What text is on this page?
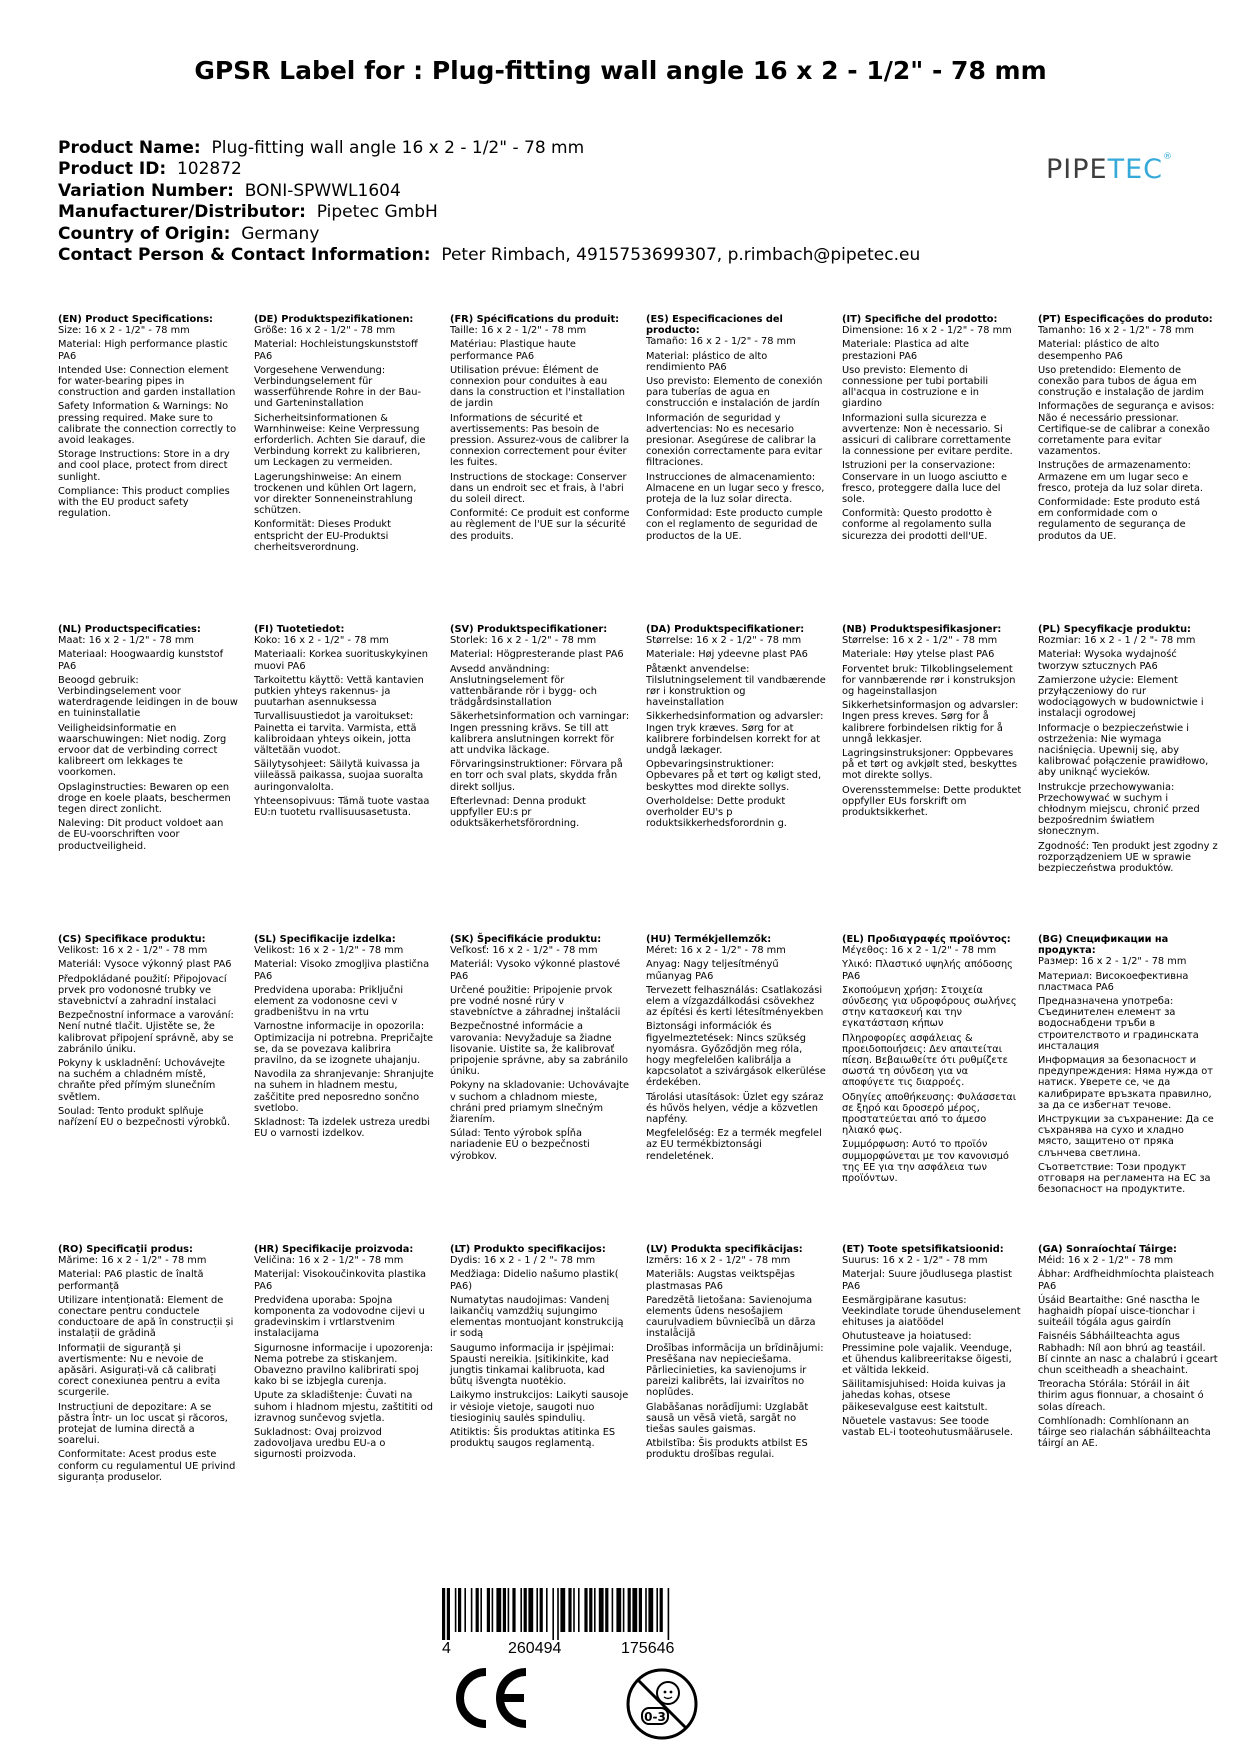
GPSR Label for : Plug-fitting wall angle 16 x 2 - 1/2" - 78 mm
Product Name: Plug-fitting wall angle 16 x 2 - 1/2" - 78 mm
Product ID: 102872
Variation Number: BONI-SPWWL1604
Manufacturer/Distributor: Pipetec GmbH
Country of Origin: Germany
Contact Person & Contact Information: Peter Rimbach, 4915753699307, p.rimbach@pipetec.eu
PIPETEC®
(EN) Product Specifications:

Size: 16 x 2 - 1/2" - 78 mm

Material: High performance plastic PA6

Intended Use: Connection element for water-bearing pipes in construction and garden installation

Safety Information & Warnings: No pressing required. Make sure to calibrate the connection correctly to avoid leakages.

Storage Instructions: Store in a dry and cool place, protect from direct sunlight.

Compliance: This product complies with the EU product safety regulation.

(DE) Produktspezifikationen:

Größe: 16 x 2 - 1/2" - 78 mm

Material: Hochleistungskunststoff PA6

Vorgesehene Verwendung: Verbindungselement für wasserführende Rohre in der Bau- und Garteninstallation

Sicherheitsinformationen & Warnhinweise: Keine Verpressung erforderlich. Achten Sie darauf, die Verbindung korrekt zu kalibrieren, um Leckagen zu vermeiden.

Lagerungshinweise: An einem trockenen und kühlen Ort lagern, vor direkter Sonneneinstrahlung schützen.

Konformität: Dieses Produkt entspricht der EU-Produktsi cherheitsverordnung.

(FR) Spécifications du produit:

Taille: 16 x 2 - 1/2" - 78 mm

Matériau: Plastique haute performance PA6

Utilisation prévue: Élément de connexion pour conduites à eau dans la construction et l'installation de jardin

Informations de sécurité et avertissements: Pas besoin de pression. Assurez-vous de calibrer la connexion correctement pour éviter les fuites.

Instructions de stockage: Conserver dans un endroit sec et frais, à l'abri du soleil direct.

Conformité: Ce produit est conforme au règlement de l'UE sur la sécurité des produits.

(ES) Especificaciones del producto:

Tamaño: 16 x 2 - 1/2" - 78 mm

Material: plástico de alto rendimiento PA6

Uso previsto: Elemento de conexión para tuberías de agua en construcción e instalación de jardín

Información de seguridad y advertencias: No es necesario presionar. Asegúrese de calibrar la conexión correctamente para evitar filtraciones.

Instrucciones de almacenamiento: Almacene en un lugar seco y fresco, proteja de la luz solar directa.

Conformidad: Este producto cumple con el reglamento de seguridad de productos de la UE.

(IT) Specifiche del prodotto:

Dimensione: 16 x 2 - 1/2" - 78 mm

Materiale: Plastica ad alte prestazioni PA6

Uso previsto: Elemento di connessione per tubi portabili all'acqua in costruzione e in giardino

Informazioni sulla sicurezza e avvertenze: Non è necessario. Si assicuri di calibrare correttamente la connessione per evitare perdite.

Istruzioni per la conservazione: Conservare in un luogo asciutto e fresco, proteggere dalla luce del sole.

Conformità: Questo prodotto è conforme al regolamento sulla sicurezza dei prodotti dell'UE.

(PT) Especificações do produto:

Tamanho: 16 x 2 - 1/2" - 78 mm

Material: plástico de alto desempenho PA6

Uso pretendido: Elemento de conexão para tubos de água em construção e instalação de jardim

Informações de segurança e avisos: Não é necessário pressionar. Certifique-se de calibrar a conexão corretamente para evitar vazamentos.

Instruções de armazenamento: Armazene em um lugar seco e fresco, proteja da luz solar direta.

Conformidade: Este produto está em conformidade com o regulamento de segurança de produtos da UE.

(NL) Productspecificaties:

Maat: 16 x 2 - 1/2" - 78 mm

Materiaal: Hoogwaardig kunststof PA6

Beoogd gebruik: Verbindingselement voor waterdragende leidingen in de bouw en tuininstallatie

Veiligheidsinformatie en waarschuwingen: Niet nodig. Zorg ervoor dat de verbinding correct kalibreert om lekkages te voorkomen.

Opslaginstructies: Bewaren op een droge en koele plaats, beschermen tegen direct zonlicht.

Naleving: Dit product voldoet aan de EU-voorschriften voor productveiligheid.

(FI) Tuotetiedot:

Koko: 16 x 2 - 1/2" - 78 mm

Materiaali: Korkea suorituskykyinen muovi PA6

Tarkoitettu käyttö: Vettä kantavien putkien yhteys rakennus- ja puutarhan asennuksessa

Turvallisuustiedot ja varoitukset: Painetta ei tarvita. Varmista, että kalibroidaan yhteys oikein, jotta vältetään vuodot.

Säilytysohjeet: Säilytä kuivassa ja viileässä paikassa, suojaa suoralta auringonvalolta.

Yhteensopivuus: Tämä tuote vastaa EU:n tuotetu rvallisuusasetusta.

(SV) Produktspecifikationer:

Storlek: 16 x 2 - 1/2" - 78 mm

Material: Högpresterande plast PA6

Avsedd användning: Anslutningselement för vattenbärande rör i bygg- och trädgårdsinstallation

Säkerhetsinformation och varningar: Ingen pressning krävs. Se till att kalibrera anslutningen korrekt för att undvika läckage.

Förvaringsinstruktioner: Förvara på en torr och sval plats, skydda från direkt solljus.

Efterlevnad: Denna produkt uppfyller EU:s pr oduktsäkerhetsförordning.

(DA) Produktspecifikationer:

Størrelse: 16 x 2 - 1/2" - 78 mm

Materiale: Høj ydeevne plast PA6

Påtænkt anvendelse: Tilslutningselement til vandbærende rør i konstruktion og haveinstallation

Sikkerhedsinformation og advarsler: Ingen tryk kræves. Sørg for at kalibrere forbindelsen korrekt for at undgå lækager.

Opbevaringsinstruktioner: Opbevares på et tørt og køligt sted, beskyttes mod direkte sollys.

Overholdelse: Dette produkt overholder EU's p roduktsikkerhedsforordnin g.

(NB) Produktspesifikasjoner:

Størrelse: 16 x 2 - 1/2" - 78 mm

Materiale: Høy ytelse plast PA6

Forventet bruk: Tilkoblingselement for vannbærende rør i konstruksjon og hageinstallasjon

Sikkerhetsinformasjon og advarsler: Ingen press kreves. Sørg for å kalibrere forbindelsen riktig for å unngå lekkasjer.

Lagringsinstruksjoner: Oppbevares på et tørt og avkjølt sted, beskyttes mot direkte sollys.

Overensstemmelse: Dette produktet oppfyller EUs forskrift om produktsikkerhet.

(PL) Specyfikacje produktu:

Rozmiar: 16 x 2 - 1 / 2 "- 78 mm

Materiał: Wysoka wydajność tworzyw sztucznych PA6

Zamierzone użycie: Element przyłączeniowy do rur wodociągowych w budownictwie i instalacji ogrodowej

Informacje o bezpieczeństwie i ostrzeżenia: Nie wymaga naciśnięcia. Upewnij się, aby kalibrować połączenie prawidłowo, aby uniknąć wycieków.

Instrukcje przechowywania: Przechowywać w suchym i chłodnym miejscu, chronić przed bezpośrednim światłem słonecznym.

Zgodność: Ten produkt jest zgodny z rozporządzeniem UE w sprawie bezpieczeństwa produktów.

(CS) Specifikace produktu:

Velikost: 16 x 2 - 1/2" - 78 mm

Materiál: Vysoce výkonný plast PA6

Předpokládané použití: Připojovací prvek pro vodonosné trubky ve stavebnictví a zahradní instalaci

Bezpečnostní informace a varování: Není nutné tlačit. Ujistěte se, že kalibrovat připojení správně, aby se zabránilo úniku.

Pokyny k uskladnění: Uchovávejte na suchém a chladném místě, chraňte před přímým slunečním světlem.

Soulad: Tento produkt splňuje nařízení EU o bezpečnosti výrobků.

(SL) Specifikacije izdelka:

Velikost: 16 x 2 - 1/2" - 78 mm

Material: Visoko zmogljiva plastična PA6

Predvidena uporaba: Priključni element za vodonosne cevi v gradbeništvu in na vrtu

Varnostne informacije in opozorila: Optimizacija ni potrebna. Prepričajte se, da se povezava kalibrira pravilno, da se izognete uhajanju.

Navodila za shranjevanje: Shranjujte na suhem in hladnem mestu, zaščitite pred neposredno sončno svetlobo.

Skladnost: Ta izdelek ustreza uredbi EU o varnosti izdelkov.

(SK) Špecifikácie produktu:

Veľkosť: 16 x 2 - 1/2" - 78 mm

Materiál: Vysoko výkonné plastové PA6

Určené použitie: Pripojenie prvok pre vodné nosné rúry v stavebníctve a záhradnej inštalácii

Bezpečnostné informácie a varovania: Nevyžaduje sa žiadne lisovanie. Uistite sa, že kalibrovať pripojenie správne, aby sa zabránilo úniku.

Pokyny na skladovanie: Uchovávajte v suchom a chladnom mieste, chráni pred priamym slnečným žiarením.

Súlad: Tento výrobok spĺňa nariadenie EÚ o bezpečnosti výrobkov.

(HU) Termékjellemzők:

Méret: 16 x 2 - 1/2" - 78 mm

Anyag: Nagy teljesítményű műanyag PA6

Tervezett felhasználás: Csatlakozási elem a vízgazdálkodási csövekhez az építési és kerti létesítményekben

Biztonsági információk és figyelmeztetések: Nincs szükség nyomásra. Győződjön meg róla, hogy megfelelően kalibrálja a kapcsolatot a szivárgások elkerülése érdekében.

Tárolási utasítások: Üzlet egy száraz és hűvös helyen, védje a közvetlen napfény.

Megfelelőség: Ez a termék megfelel az EU termékbiztonsági rendeletének.

(EL) Προδιαγραφές προϊόντος:

Μέγεθος: 16 x 2 - 1/2" - 78 mm

Υλικό: Πλαστικό υψηλής απόδοσης PA6

Σκοπούμενη χρήση: Στοιχεία σύνδεσης για υδροφόρους σωλήνες στην κατασκευή και την εγκατάσταση κήπων

Πληροφορίες ασφάλειας & προειδοποιήσεις: Δεν απαιτείται πίεση. Βεβαιωθείτε ότι ρυθμίζετε σωστά τη σύνδεση για να αποφύγετε τις διαρροές.

Οδηγίες αποθήκευσης: Φυλάσσεται σε ξηρό και δροσερό μέρος, προστατεύεται από το άμεσο ηλιακό φως.

Συμμόρφωση: Αυτό το προϊόν συμμορφώνεται με τον κανονισμό της ΕΕ για την ασφάλεια των προϊόντων.

(BG) Спецификации на продукта:

Размер: 16 x 2 - 1/2" - 78 mm

Материал: Високоефективна пластмаса PA6

Предназначена употреба: Съединителен елемент за водоснабдени тръби в строителството и градинската инсталация

Информация за безопасност и предупреждения: Няма нужда от натиск. Уверете се, че да калибрирате връзката правилно, за да се избегнат течове.

Инструкции за съхранение: Да се съхранява на сухо и хладно място, защитено от пряка слънчева светлина.

Съответствие: Този продукт отговаря на регламента на ЕС за безопасност на продуктите.

(RO) Specificații produs:

Mărime: 16 x 2 - 1/2" - 78 mm

Material: PA6 plastic de înaltă performanță

Utilizare intenționată: Element de conectare pentru conductele conductoare de apă în construcții și instalații de grădină

Informații de siguranță și avertismente: Nu e nevoie de apăsări. Asigurați-vă că calibrați corect conexiunea pentru a evita scurgerile.

Instrucțiuni de depozitare: A se păstra într- un loc uscat și răcoros, protejat de lumina directă a soarelui.

Conformitate: Acest produs este conform cu regulamentul UE privind siguranța produselor.

(HR) Specifikacije proizvoda:

Veličina: 16 x 2 - 1/2" - 78 mm

Materijal: Visokoučinkovita plastika PA6

Predviđena uporaba: Spojna komponenta za vodovodne cijevi u gradevinskim i vrtlarstvenim instalacijama

Sigurnosne informacije i upozorenja: Nema potrebe za stiskanjem. Obavezno pravilno kalibrirati spoj kako bi se izbjegla curenja.

Upute za skladištenje: Čuvati na suhom i hladnom mjestu, zaštititi od izravnog sunčevog svjetla.

Sukladnost: Ovaj proizvod zadovoljava uredbu EU-a o sigurnosti proizvoda.

(LT) Produkto specifikacijos:

Dydis: 16 x 2 - 1 / 2 "- 78 mm

Medžiaga: Didelio našumo plastik( PA6)

Numatytas naudojimas: Vandenį laikančių vamzdžių sujungimo elementas montuojant konstrukciją ir sodą

Saugumo informacija ir įspėjimai: Spausti nereikia. Įsitikinkite, kad jungtis tinkamai kalibruota, kad būtų išvengta nuotėkio.

Laikymo instrukcijos: Laikyti sausoje ir vėsioje vietoje, saugoti nuo tiesioginių saulės spindulių.

Atitiktis: Šis produktas atitinka ES produktų saugos reglamentą.

(LV) Produkta specifikācijas:

Izmērs: 16 x 2 - 1/2" - 78 mm

Materiāls: Augstas veiktspējas plastmasas PA6

Paredzētā lietošana: Savienojuma elements ūdens nesošajiem cauruļvadiem būvniecībā un dārza instalācijā

Drošības informācija un brīdinājumi: Presēšana nav nepieciešama. Pārliecinieties, ka savienojums ir pareizi kalibrēts, lai izvairītos no noplūdes.

Glabāšanas norādījumi: Uzglabāt sausā un vēsā vietā, sargāt no tiešas saules gaismas.

Atbilstība: Šis produkts atbilst ES produktu drošības regulai.

(ET) Toote spetsifikatsioonid:

Suurus: 16 x 2 - 1/2" - 78 mm

Materjal: Suure jõudlusega plastist PA6

Eesmärgipärane kasutus: Veekindlate torude ühenduselement ehituses ja aiatöödel

Ohutusteave ja hoiatused: Pressimine pole vajalik. Veenduge, et ühendus kalibreeritakse õigesti, et vältida lekkeid.

Säilitamisjuhised: Hoida kuivas ja jahedas kohas, otsese päikesevalguse eest kaitstult.

Nõuetele vastavus: See toode vastab EL-i tooteohutusmäärusele.

(GA) Sonraíochtaí Táirge:

Méid: 16 x 2 - 1/2" - 78 mm

Ábhar: Ardfheidhmíochta plaisteach PA6

Úsáid Beartaithe: Gné nasctha le haghaidh píopaí uisce-tionchar i suiteáil tógála agus gairdín

Faisnéis Sábháilteachta agus Rabhadh: Níl aon bhrú ag teastáil. Bí cinnte an nasc a chalabrú i gceart chun sceitheadh a sheachaint.

Treoracha Stórála: Stóráil in áit thirim agus fionnuar, a chosaint ó solas díreach.

Comhlíonadh: Comhlíonann an táirge seo rialachán sábháilteachta táirgí an AE.

4	260494	175646
0-3
